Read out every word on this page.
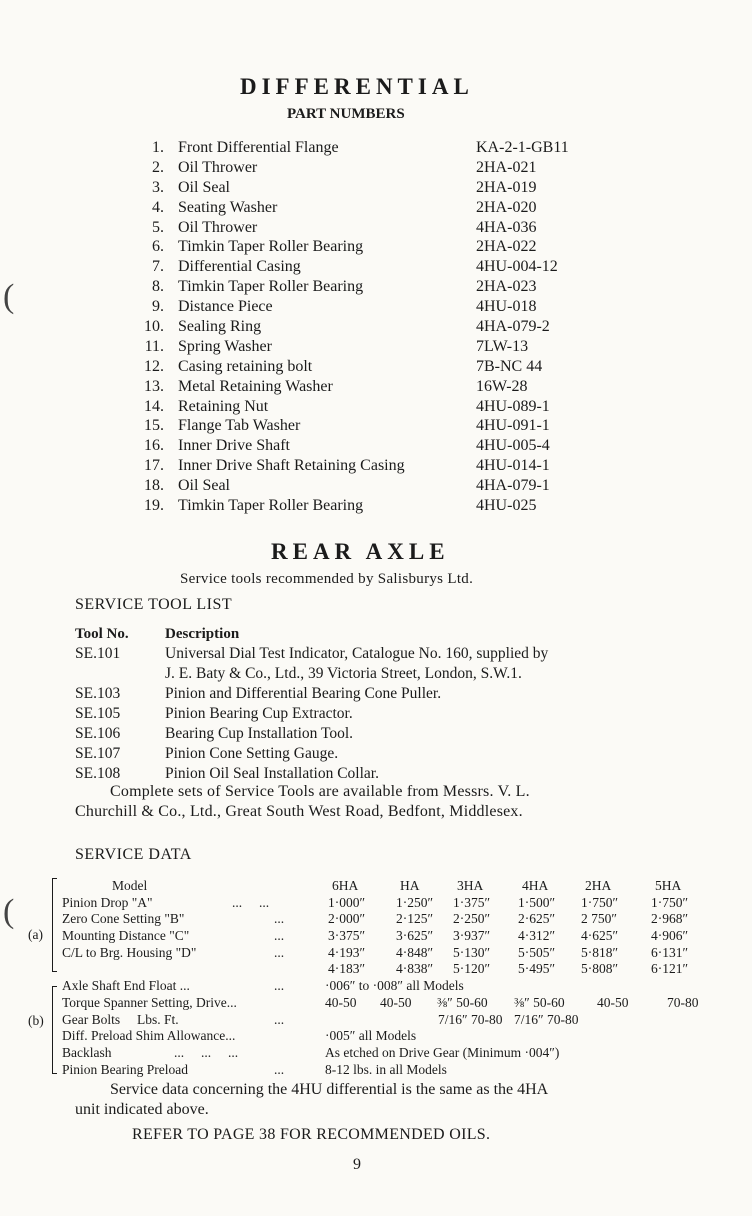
(
(
DIFFERENTIAL
PART NUMBERS
1. Front Differential Flange	KA-2-1-GB11
2. Oil Thrower	2HA-021
3. Oil Seal	2HA-019
4. Seating Washer	2HA-020
5. Oil Thrower	4HA-036
6. Timkin Taper Roller Bearing	2HA-022
7. Differential Casing	4HU-004-12
8. Timkin Taper Roller Bearing	2HA-023
9. Distance Piece	4HU-018
10. Sealing Ring	4HA-079-2
11. Spring Washer	7LW-13
12. Casing retaining bolt	7B-NC 44
13. Metal Retaining Washer	16W-28
14. Retaining Nut	4HU-089-1
15. Flange Tab Washer	4HU-091-1
16. Inner Drive Shaft	4HU-005-4
17. Inner Drive Shaft Retaining Casing	4HU-014-1
18. Oil Seal	4HA-079-1
19. Timkin Taper Roller Bearing	4HU-025
REAR AXLE
Service tools recommended by Salisburys Ltd.
SERVICE TOOL LIST
Tool No.	Description
SE.101	Universal Dial Test Indicator, Catalogue No. 160, supplied by
J. E. Baty & Co., Ltd., 39 Victoria Street, London, S.W.1.
SE.103	Pinion and Differential Bearing Cone Puller.
SE.105	Pinion Bearing Cup Extractor.
SE.106	Bearing Cup Installation Tool.
SE.107	Pinion Cone Setting Gauge.
SE.108	Pinion Oil Seal Installation Collar.
Complete sets of Service Tools are available from Messrs. V. L.
Churchill & Co., Ltd., Great South West Road, Bedfont, Middlesex.
SERVICE DATA
(a)
(b)
Model	6HA	HA	3HA	4HA	2HA	5HA
Pinion Drop "A"	...     ...	1·000″ 1·250″ 1·375″ 1·500″ 1·750″ 1·750″
Zero Cone Setting "B"	...	2·000″ 2·125″ 2·250″ 2·625″ 2 750″	2·968″
Mounting Distance "C"	...	3·375″ 3·625″ 3·937″ 4·312″ 4·625″ 4·906″
C/L to Brg. Housing "D"	...	4·193″ 4·848″ 5·130″ 5·505″ 5·818″ 6·131″
4·183″ 4·838″ 5·120″ 5·495″ 5·808″ 6·121″
Axle Shaft End Float ...	...	·006″ to ·008″ all Models
Torque Spanner Setting, Drive...	40-50 40-50 ⅜″ 50-60 ⅜″ 50-60 40-50	70-80
Gear Bolts     Lbs. Ft.	...	7/16″ 70-80 7/16″ 70-80
Diff. Preload Shim Allowance...	·005″ all Models
Backlash	...     ...     ...	As etched on Drive Gear (Minimum ·004″)
Pinion Bearing Preload	...	8-12 lbs. in all Models
Service data concerning the 4HU differential is the same as the 4HA
unit indicated above.
REFER TO PAGE 38 FOR RECOMMENDED OILS.
9
